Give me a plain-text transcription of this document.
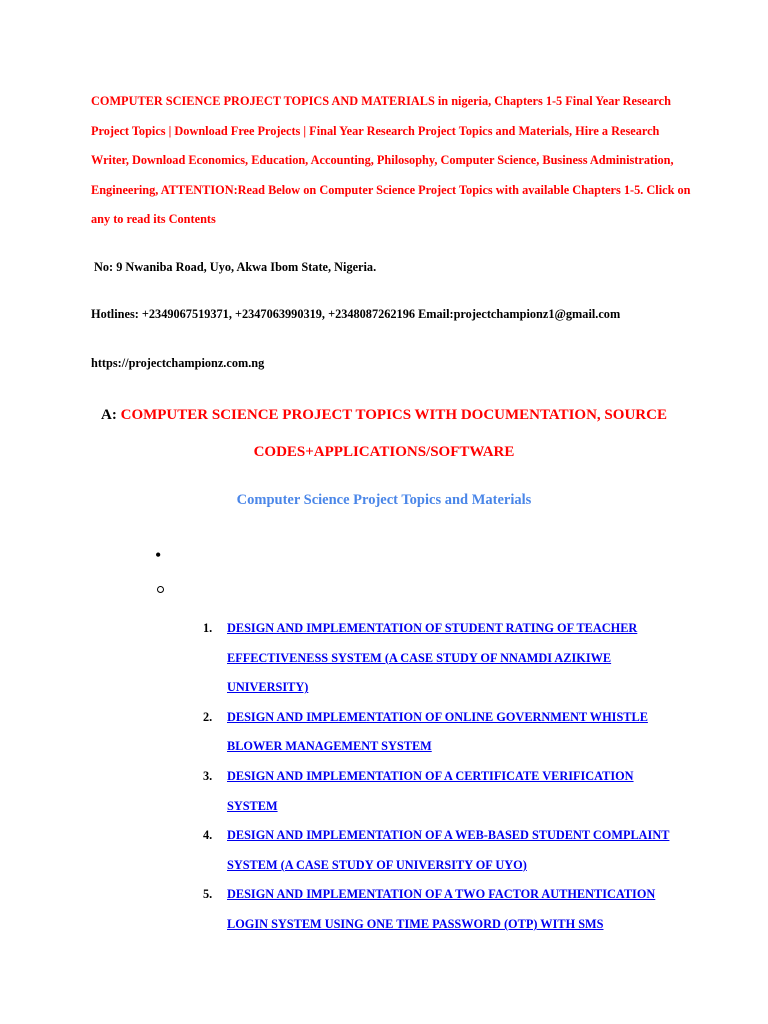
COMPUTER SCIENCE PROJECT TOPICS AND MATERIALS in nigeria, Chapters 1-5 Final Year Research Project Topics | Download Free Projects | Final Year Research Project Topics and Materials, Hire a Research Writer, Download Economics, Education, Accounting, Philosophy, Computer Science, Business Administration, Engineering, ATTENTION:Read Below on Computer Science Project Topics with available Chapters 1-5. Click on any to read its Contents

No: 9 Nwaniba Road, Uyo, Akwa Ibom State, Nigeria.

Hotlines: +2349067519371, +2347063990319, +2348087262196 Email:projectchampionz1@gmail.com

https://projectchampionz.com.ng

A: COMPUTER SCIENCE PROJECT TOPICS WITH DOCUMENTATION, SOURCE CODES+APPLICATIONS/SOFTWARE
Computer Science Project Topics and Materials
•
1. DESIGN AND IMPLEMENTATION OF STUDENT RATING OF TEACHER EFFECTIVENESS SYSTEM (A CASE STUDY OF NNAMDI AZIKIWE UNIVERSITY)
2. DESIGN AND IMPLEMENTATION OF ONLINE GOVERNMENT WHISTLE BLOWER MANAGEMENT SYSTEM
3. DESIGN AND IMPLEMENTATION OF A CERTIFICATE VERIFICATION SYSTEM
4. DESIGN AND IMPLEMENTATION OF A WEB-BASED STUDENT COMPLAINT SYSTEM (A CASE STUDY OF UNIVERSITY OF UYO)
5. DESIGN AND IMPLEMENTATION OF A TWO FACTOR AUTHENTICATION LOGIN SYSTEM USING ONE TIME PASSWORD (OTP) WITH SMS
